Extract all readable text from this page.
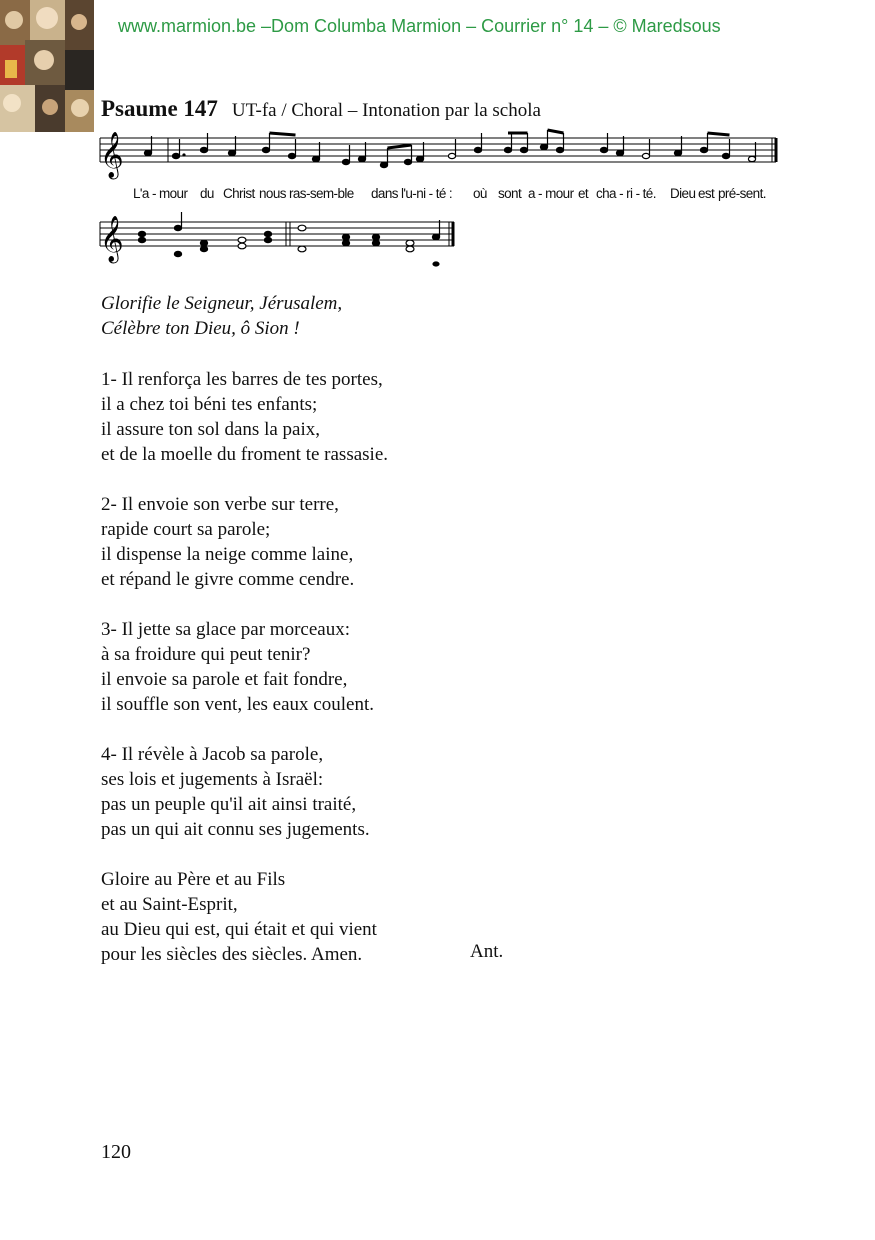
www.marmion.be –Dom Columba Marmion – Courrier n° 14 – © Maredsous
Psaume 147 UT-fa / Choral – Intonation par la schola
𝄞
𝄞
L'a - mour du Christ nous ras-sem-ble dans l'u-ni - té : où sont a - mour et cha - ri - té. Dieu est pré-sent.
Glorifie le Seigneur, Jérusalem,
Célèbre ton Dieu, ô Sion !
1- Il renforça les barres de tes portes,
il a chez toi béni tes enfants;
il assure ton sol dans la paix,
et de la moelle du froment te rassasie.
2- Il envoie son verbe sur terre,
rapide court sa parole;
il dispense la neige comme laine,
et répand le givre comme cendre.
3- Il jette sa glace par morceaux:
à sa froidure qui peut tenir?
il envoie sa parole et fait fondre,
il souffle son vent, les eaux coulent.
4- Il révèle à Jacob sa parole,
ses lois et jugements à Israël:
pas un peuple qu'il ait ainsi traité,
pas un qui ait connu ses jugements.
Gloire au Père et au Fils
et au Saint-Esprit,
au Dieu qui est, qui était et qui vient
pour les siècles des siècles. Amen.	Ant.
120
